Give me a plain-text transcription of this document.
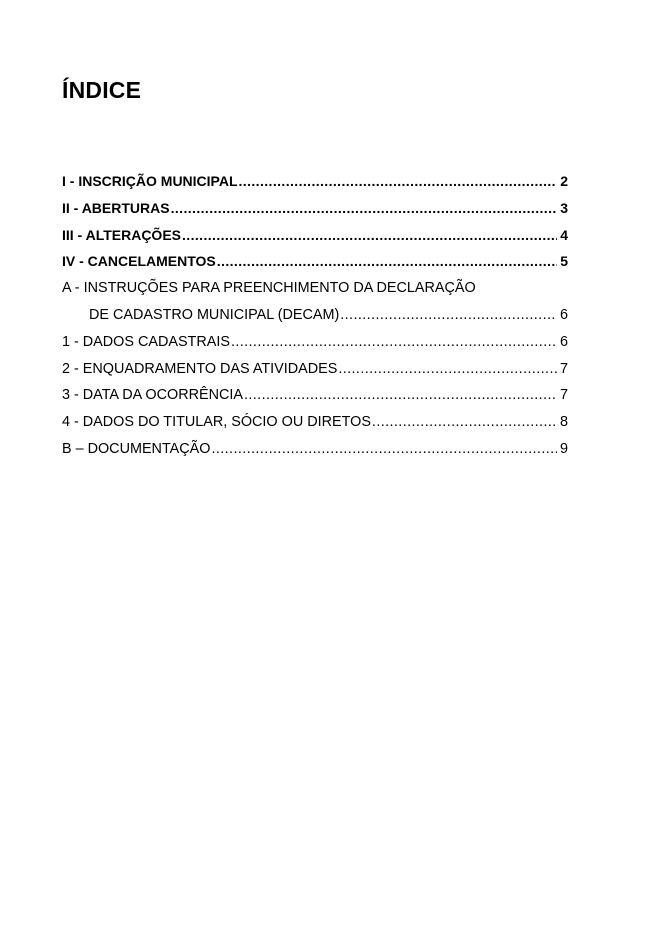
ÍNDICE
I - INSCRIÇÃO MUNICIPAL .....	2
II - ABERTURAS .....	3
III - ALTERAÇÕES .....	4
IV - CANCELAMENTOS .....	5
A - INSTRUÇÕES PARA PREENCHIMENTO DA DECLARAÇÃO
DE CADASTRO MUNICIPAL (DECAM) .....	6
1 - DADOS CADASTRAIS .....	6
2 - ENQUADRAMENTO DAS ATIVIDADES .....	7
3 - DATA DA OCORRÊNCIA .....	7
4 - DADOS DO TITULAR, SÓCIO OU DIRETOS .....	8
B – DOCUMENTAÇÃO .....	9
